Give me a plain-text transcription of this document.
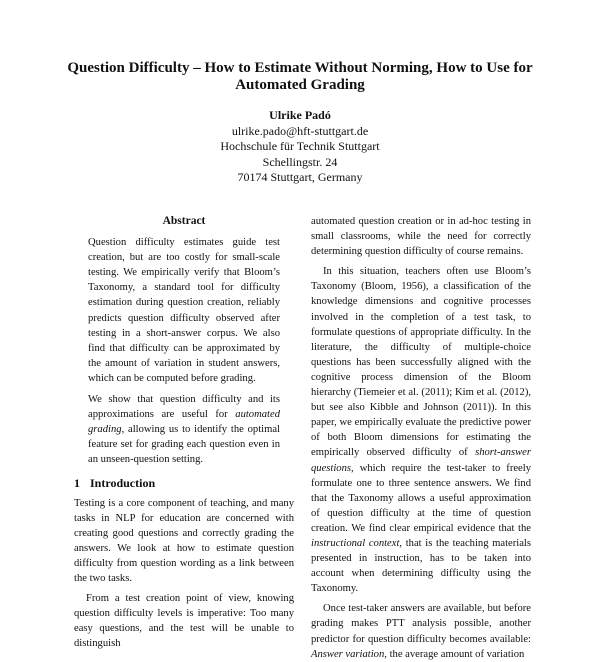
Question Difficulty – How to Estimate Without Norming, How to Use for Automated Grading
Ulrike Padó
ulrike.pado@hft-stuttgart.de
Hochschule für Technik Stuttgart
Schellingstr. 24
70174 Stuttgart, Germany

Abstract

Question difficulty estimates guide test creation, but are too costly for small-scale testing. We empirically verify that Bloom’s Taxonomy, a standard tool for difficulty estimation during question creation, reliably predicts question difficulty observed after testing in a short-answer corpus. We also find that difficulty can be approximated by the amount of variation in student answers, which can be computed before grading.

We show that question difficulty and its approximations are useful for automated grading, allowing us to identify the optimal feature set for grading each question even in an unseen-question setting.

1 Introduction

Testing is a core component of teaching, and many tasks in NLP for education are concerned with creating good questions and correctly grading the answers. We look at how to estimate question difficulty from question wording as a link between the two tasks.

From a test creation point of view, knowing question difficulty levels is imperative: Too many easy questions, and the test will be unable to distinguish

automated question creation or in ad-hoc testing in small classrooms, while the need for correctly determining question difficulty of course remains.

In this situation, teachers often use Bloom’s Taxonomy (Bloom, 1956), a classification of the knowledge dimensions and cognitive processes involved in the completion of a test task, to formulate questions of appropriate difficulty. In the literature, the difficulty of multiple-choice questions has been successfully aligned with the cognitive process dimension of the Bloom hierarchy (Tiemeier et al. (2011); Kim et al. (2012), but see also Kibble and Johnson (2011)). In this paper, we empirically evaluate the predictive power of both Bloom dimensions for estimating the empirically observed difficulty of short-answer questions, which require the test-taker to freely formulate one to three sentence answers. We find that the Taxonomy allows a useful approximation of question difficulty at the time of question creation. We find clear empirical evidence that the instructional context, that is the teaching materials presented in instruction, has to be taken into account when determining difficulty using the Taxonomy.

Once test-taker answers are available, but before grading makes PTT analysis possible, another predictor for question difficulty becomes available: Answer variation, the average amount of variation
